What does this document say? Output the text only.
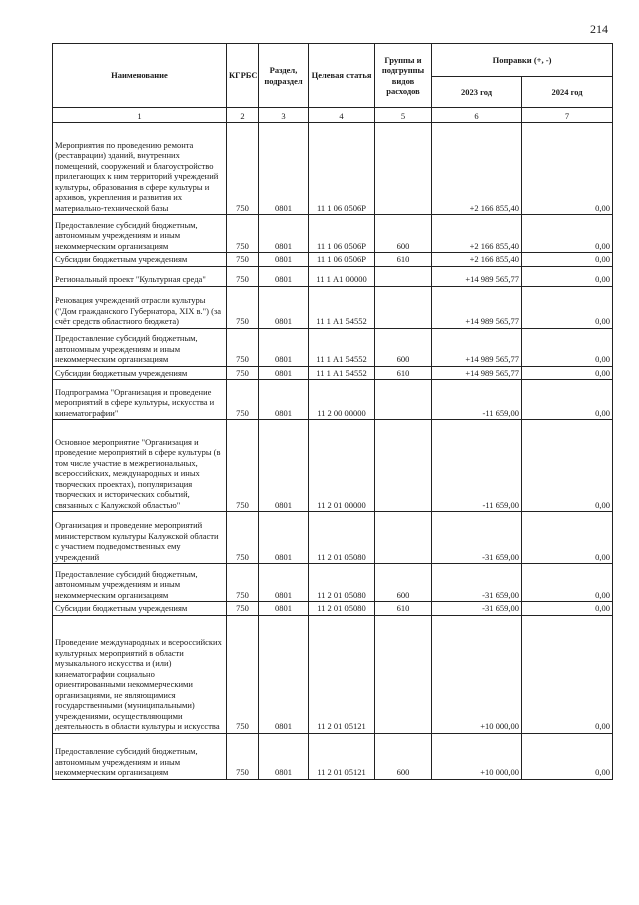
214
Наименование	КГРБС	Раздел, подраздел	Целевая статья	Группы и подгруппы видов расходов	Поправки (+, -)	
					2023 год	2024 год
1	2	3	4	5	6	7
Мероприятия по проведению ремонта (реставрации) зданий, внутренних помещений, сооружений и благоустройство прилегающих к ним территорий учреждений культуры, образования в сфере культуры и архивов, укрепления и развития их материально-технической базы	750	0801	11 1 06 0506Р		+2 166 855,40	0,00
Предоставление субсидий бюджетным, автономным учреждениям и иным некоммерческим организациям	750	0801	11 1 06 0506Р	600	+2 166 855,40	0,00
Субсидии бюджетным учреждениям	750	0801	11 1 06 0506Р	610	+2 166 855,40	0,00
Региональный проект "Культурная среда"	750	0801	11 1 А1 00000		+14 989 565,77	0,00
Реновация учреждений отрасли культуры ("Дом гражданского Губернатора, XIX в.") (за счёт средств областного бюджета)	750	0801	11 1 А1 54552		+14 989 565,77	0,00
Предоставление субсидий бюджетным, автономным учреждениям и иным некоммерческим организациям	750	0801	11 1 А1 54552	600	+14 989 565,77	0,00
Субсидии бюджетным учреждениям	750	0801	11 1 А1 54552	610	+14 989 565,77	0,00
Подпрограмма "Организация и проведение мероприятий в сфере культуры, искусства и кинематографии"	750	0801	11 2 00 00000		-11 659,00	0,00
Основное мероприятие "Организация и проведение мероприятий в сфере культуры (в том числе участие в межрегиональных, всероссийских, международных и иных творческих проектах), популяризация творческих и исторических событий, связанных с Калужской областью"	750	0801	11 2 01 00000		-11 659,00	0,00
Организация и проведение мероприятий министерством культуры Калужской области с участием подведомственных ему учреждений	750	0801	11 2 01 05080		-31 659,00	0,00
Предоставление субсидий бюджетным, автономным учреждениям и иным некоммерческим организациям	750	0801	11 2 01 05080	600	-31 659,00	0,00
Субсидии бюджетным учреждениям	750	0801	11 2 01 05080	610	-31 659,00	0,00
Проведение международных и всероссийских культурных мероприятий в области музыкального искусства и (или) кинематографии социально ориентированными некоммерческими организациями, не являющимися государственными (муниципальными) учреждениями, осуществляющими деятельность в области культуры и искусства	750	0801	11 2 01 05121		+10 000,00	0,00
Предоставление субсидий бюджетным, автономным учреждениям и иным некоммерческим организациям	750	0801	11 2 01 05121	600	+10 000,00	0,00
